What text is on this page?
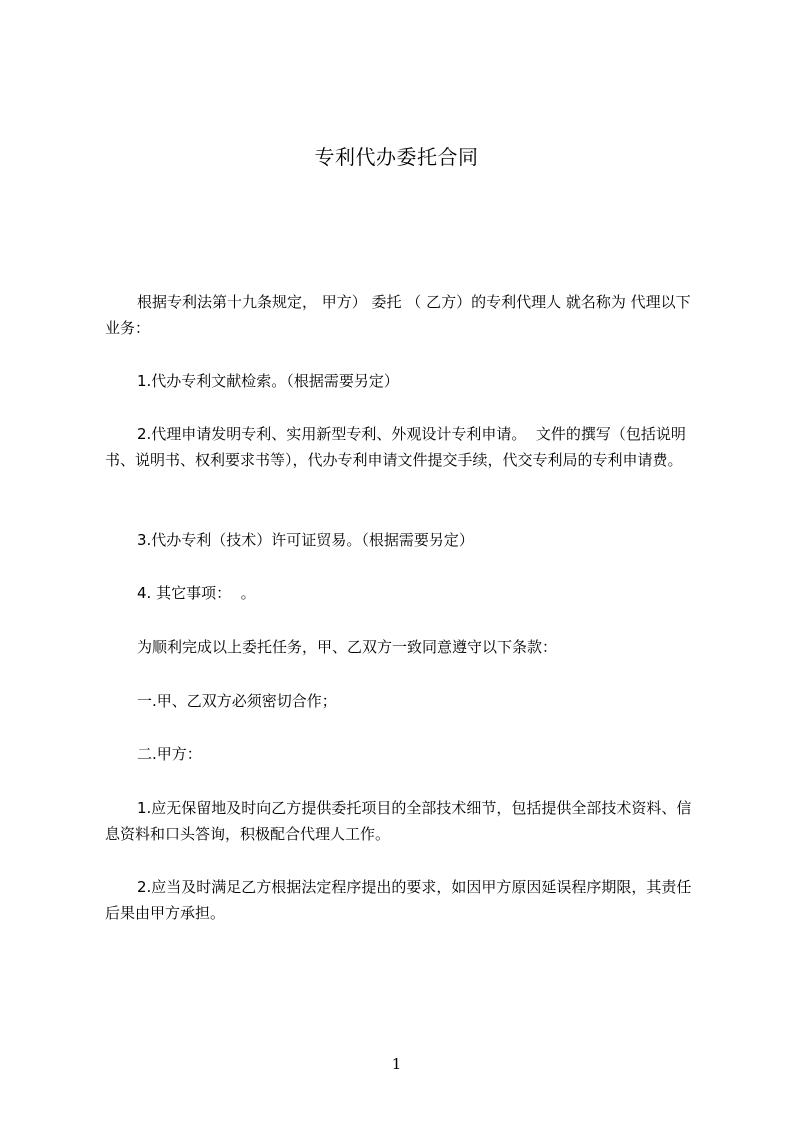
专利代办委托合同

根据专利法第十九条规定， 甲方） 委托 （ 乙方）的专利代理人 就名称为 代理以下业务：

1.代办专利文献检索。（根据需要另定）

2.代理申请发明专利、实用新型专利、外观设计专利申请。  文件的撰写（包括说明书、说明书、权利要求书等），代办专利申请文件提交手续，代交专利局的专利申请费。

3.代办专利（技术）许可证贸易。（根据需要另定）

4. 其它事项：  。

为顺利完成以上委托任务，甲、乙双方一致同意遵守以下条款：

一.甲、乙双方必须密切合作；

二.甲方：

1.应无保留地及时向乙方提供委托项目的全部技术细节，包括提供全部技术资料、信息资料和口头答询，积极配合代理人工作。

2.应当及时满足乙方根据法定程序提出的要求，如因甲方原因延误程序期限，其责任后果由甲方承担。

1
